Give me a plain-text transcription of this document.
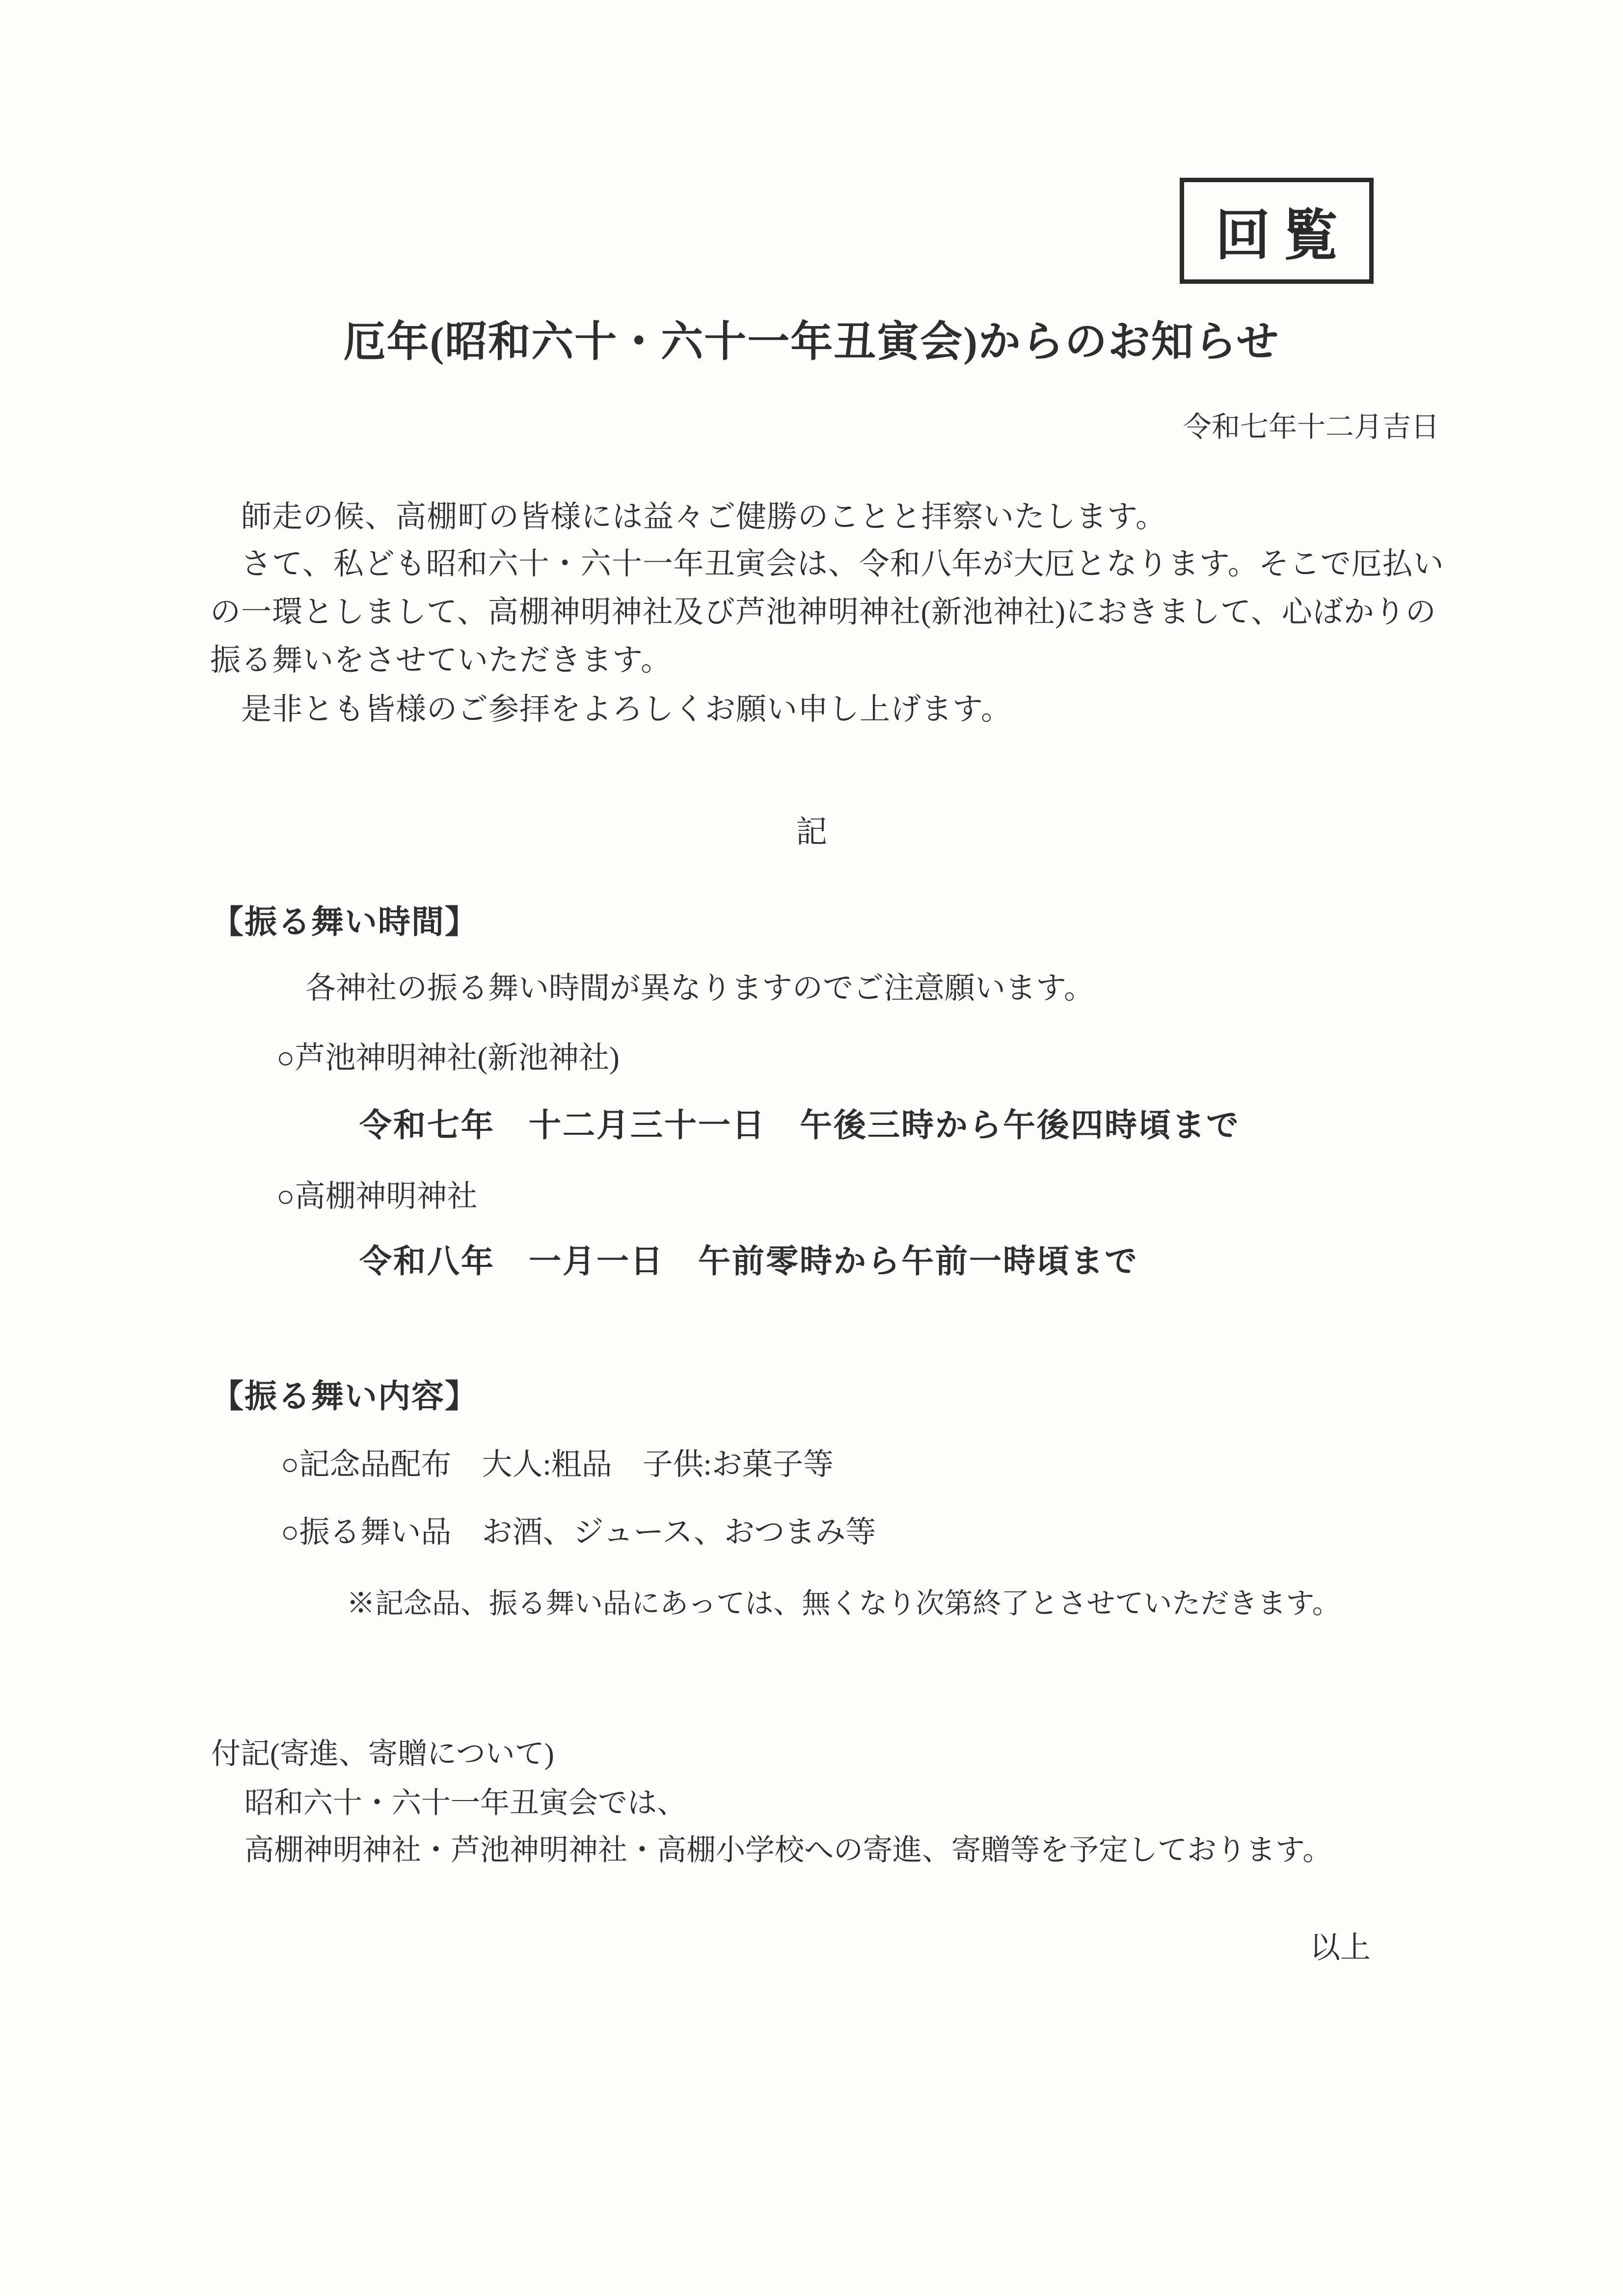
回覧
厄年(昭和六十・六十一年丑寅会)からのお知らせ
令和七年十二月吉日
　師走の候、高棚町の皆様には益々ご健勝のことと拝察いたします。
　さて、私ども昭和六十・六十一年丑寅会は、令和八年が大厄となります。そこで厄払い
の一環としまして、高棚神明神社及び芦池神明神社(新池神社)におきまして、心ばかりの
振る舞いをさせていただきます。
　是非とも皆様のご参拝をよろしくお願い申し上げます。
記
【振る舞い時間】
各神社の振る舞い時間が異なりますのでご注意願います。
○芦池神明神社(新池神社)
令和七年　十二月三十一日　午後三時から午後四時頃まで
○高棚神明神社
令和八年　一月一日　午前零時から午前一時頃まで
【振る舞い内容】
○記念品配布　大人:粗品　子供:お菓子等
○振る舞い品　お酒、ジュース、おつまみ等
※記念品、振る舞い品にあっては、無くなり次第終了とさせていただきます。
付記(寄進、寄贈について)
昭和六十・六十一年丑寅会では、
高棚神明神社・芦池神明神社・高棚小学校への寄進、寄贈等を予定しております。
以上
